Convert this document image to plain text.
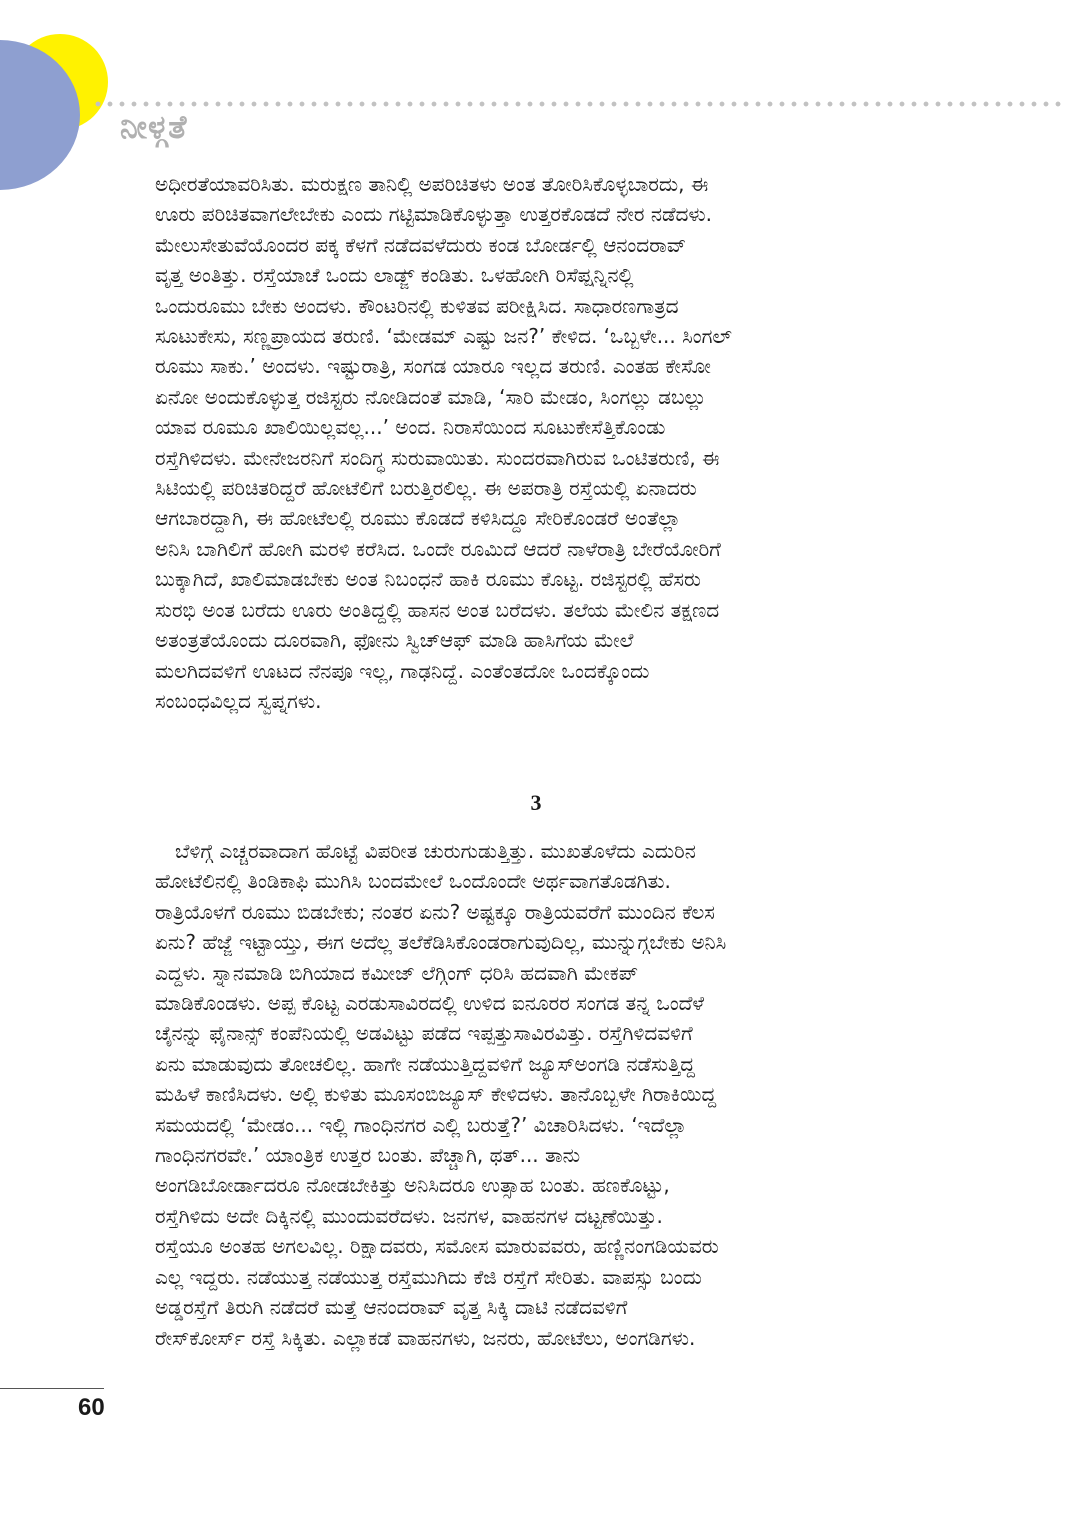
ನೀಳ್ಗತೆ
ಅಧೀರತೆಯಾವರಿಸಿತು. ಮರುಕ್ಷಣ ತಾನಿಲ್ಲಿ ಅಪರಿಚಿತಳು ಅಂತ ತೋರಿಸಿಕೊಳ್ಳಬಾರದು, ಈ
ಊರು ಪರಿಚಿತವಾಗಲೇಬೇಕು ಎಂದು ಗಟ್ಟಿಮಾಡಿಕೊಳ್ಳುತ್ತಾ ಉತ್ತರಕೊಡದೆ ನೇರ ನಡೆದಳು.
ಮೇಲುಸೇತುವೆಯೊಂದರ ಪಕ್ಕ ಕೆಳಗೆ ನಡೆದವಳೆದುರು ಕಂಡ ಬೋರ್ಡಲ್ಲಿ ಆನಂದರಾವ್
ವೃತ್ತ ಅಂತಿತ್ತು. ರಸ್ತೆಯಾಚೆ ಒಂದು ಲಾಡ್ಜ್ ಕಂಡಿತು. ಒಳಹೋಗಿ ರಿಸೆಪ್ಷನ್ನಿನಲ್ಲಿ
ಒಂದುರೂಮು ಬೇಕು ಅಂದಳು. ಕೌಂಟರಿನಲ್ಲಿ ಕುಳಿತವ ಪರೀಕ್ಷಿಸಿದ. ಸಾಧಾರಣಗಾತ್ರದ
ಸೂಟುಕೇಸು, ಸಣ್ಣಪ್ರಾಯದ ತರುಣಿ. ‘ಮೇಡಮ್ ಎಷ್ಟು ಜನ?’ ಕೇಳಿದ. ‘ಒಬ್ಬಳೇ... ಸಿಂಗಲ್
ರೂಮು ಸಾಕು.’ ಅಂದಳು. ಇಷ್ಟುರಾತ್ರಿ, ಸಂಗಡ ಯಾರೂ ಇಲ್ಲದ ತರುಣಿ. ಎಂತಹ ಕೇಸೋ
ಏನೋ ಅಂದುಕೊಳ್ಳುತ್ತ ರಜಿಸ್ಟರು ನೋಡಿದಂತೆ ಮಾಡಿ, ‘ಸಾರಿ ಮೇಡಂ, ಸಿಂಗಲ್ಲು ಡಬಲ್ಲು
ಯಾವ ರೂಮೂ ಖಾಲಿಯಿಲ್ಲವಲ್ಲ...’ ಅಂದ. ನಿರಾಸೆಯಿಂದ ಸೂಟುಕೇಸೆತ್ತಿಕೊಂಡು
ರಸ್ತೆಗಿಳಿದಳು. ಮೇನೇಜರನಿಗೆ ಸಂದಿಗ್ಧ ಸುರುವಾಯಿತು. ಸುಂದರವಾಗಿರುವ ಒಂಟಿತರುಣಿ, ಈ
ಸಿಟಿಯಲ್ಲಿ ಪರಿಚಿತರಿದ್ದರೆ ಹೋಟೆಲಿಗೆ ಬರುತ್ತಿರಲಿಲ್ಲ. ಈ ಅಪರಾತ್ರಿ ರಸ್ತೆಯಲ್ಲಿ ಏನಾದರು
ಆಗಬಾರದ್ದಾಗಿ, ಈ ಹೋಟೆಲಲ್ಲಿ ರೂಮು ಕೊಡದೆ ಕಳಿಸಿದ್ದೂ ಸೇರಿಕೊಂಡರೆ ಅಂತೆಲ್ಲಾ
ಅನಿಸಿ ಬಾಗಿಲಿಗೆ ಹೋಗಿ ಮರಳಿ ಕರೆಸಿದ. ಒಂದೇ ರೂಮಿದೆ ಆದರೆ ನಾಳೆರಾತ್ರಿ ಬೇರೆಯೋರಿಗೆ
ಬುಕ್ಕಾಗಿದೆ, ಖಾಲಿಮಾಡಬೇಕು ಅಂತ ನಿಬಂಧನೆ ಹಾಕಿ ರೂಮು ಕೊಟ್ಟ. ರಜಿಸ್ಟರಲ್ಲಿ ಹೆಸರು
ಸುರಭಿ ಅಂತ ಬರೆದು ಊರು ಅಂತಿದ್ದಲ್ಲಿ ಹಾಸನ ಅಂತ ಬರೆದಳು. ತಲೆಯ ಮೇಲಿನ ತಕ್ಷಣದ
ಅತಂತ್ರತೆಯೊಂದು ದೂರವಾಗಿ, ಫೋನು ಸ್ವಿಚ್‌ಆಫ್ ಮಾಡಿ ಹಾಸಿಗೆಯ ಮೇಲೆ
ಮಲಗಿದವಳಿಗೆ ಊಟದ ನೆನಪೂ ಇಲ್ಲ, ಗಾಢನಿದ್ದೆ. ಎಂತೆಂತದೋ ಒಂದಕ್ಕೊಂದು
ಸಂಬಂಧವಿಲ್ಲದ ಸ್ವಪ್ನಗಳು.
3
ಬೆಳಿಗ್ಗೆ ಎಚ್ಚರವಾದಾಗ ಹೊಟ್ಟೆ ವಿಪರೀತ ಚುರುಗುಡುತ್ತಿತ್ತು. ಮುಖತೊಳೆದು ಎದುರಿನ
ಹೋಟೆಲಿನಲ್ಲಿ ತಿಂಡಿಕಾಫಿ ಮುಗಿಸಿ ಬಂದಮೇಲೆ ಒಂದೊಂದೇ ಅರ್ಥವಾಗತೊಡಗಿತು.
ರಾತ್ರಿಯೊಳಗೆ ರೂಮು ಬಿಡಬೇಕು; ನಂತರ ಏನು? ಅಷ್ಟಕ್ಕೂ ರಾತ್ರಿಯವರೆಗೆ ಮುಂದಿನ ಕೆಲಸ
ಏನು? ಹೆಜ್ಜೆ ಇಟ್ಟಾಯ್ತು, ಈಗ ಅದೆಲ್ಲ ತಲೆಕೆಡಿಸಿಕೊಂಡರಾಗುವುದಿಲ್ಲ, ಮುನ್ನುಗ್ಗಬೇಕು ಅನಿಸಿ
ಎದ್ದಳು. ಸ್ನಾನಮಾಡಿ ಬಿಗಿಯಾದ ಕಮೀಜ್ ಲೆಗ್ಗಿಂಗ್ ಧರಿಸಿ ಹದವಾಗಿ ಮೇಕಪ್
ಮಾಡಿಕೊಂಡಳು. ಅಪ್ಪ ಕೊಟ್ಟ ಎರಡುಸಾವಿರದಲ್ಲಿ ಉಳಿದ ಐನೂರರ ಸಂಗಡ ತನ್ನ ಒಂದೆಳೆ
ಚೈನನ್ನು ಫೈನಾನ್ಸ್ ಕಂಪೆನಿಯಲ್ಲಿ ಅಡವಿಟ್ಟು ಪಡೆದ ಇಪ್ಪತ್ತುಸಾವಿರವಿತ್ತು. ರಸ್ತೆಗಿಳಿದವಳಿಗೆ
ಏನು ಮಾಡುವುದು ತೋಚಲಿಲ್ಲ. ಹಾಗೇ ನಡೆಯುತ್ತಿದ್ದವಳಿಗೆ ಜ್ಯೂಸ್‌ಅಂಗಡಿ ನಡೆಸುತ್ತಿದ್ದ
ಮಹಿಳೆ ಕಾಣಿಸಿದಳು. ಅಲ್ಲಿ ಕುಳಿತು ಮೂಸಂಬಿಜ್ಯೂಸ್ ಕೇಳಿದಳು. ತಾನೊಬ್ಬಳೇ ಗಿರಾಕಿಯಿದ್ದ
ಸಮಯದಲ್ಲಿ ‘ಮೇಡಂ... ಇಲ್ಲಿ ಗಾಂಧಿನಗರ ಎಲ್ಲಿ ಬರುತ್ತೆ?’ ವಿಚಾರಿಸಿದಳು. ‘ಇದೆಲ್ಲಾ
ಗಾಂಧಿನಗರವೇ.’ ಯಾಂತ್ರಿಕ ಉತ್ತರ ಬಂತು. ಪೆಚ್ಚಾಗಿ, ಥತ್... ತಾನು
ಅಂಗಡಿಬೋರ್ಡಾದರೂ ನೋಡಬೇಕಿತ್ತು ಅನಿಸಿದರೂ ಉತ್ಸಾಹ ಬಂತು. ಹಣಕೊಟ್ಟು,
ರಸ್ತೆಗಿಳಿದು ಅದೇ ದಿಕ್ಕಿನಲ್ಲಿ ಮುಂದುವರೆದಳು. ಜನಗಳ, ವಾಹನಗಳ ದಟ್ಟಣೆಯಿತ್ತು.
ರಸ್ತೆಯೂ ಅಂತಹ ಅಗಲವಿಲ್ಲ. ರಿಕ್ಷಾದವರು, ಸಮೋಸ ಮಾರುವವರು, ಹಣ್ಣಿನಂಗಡಿಯವರು
ಎಲ್ಲ ಇದ್ದರು. ನಡೆಯುತ್ತ ನಡೆಯುತ್ತ ರಸ್ತೆಮುಗಿದು ಕೆಜಿ ರಸ್ತೆಗೆ ಸೇರಿತು. ವಾಪಸ್ಸು ಬಂದು
ಅಡ್ಡರಸ್ತೆಗೆ ತಿರುಗಿ ನಡೆದರೆ ಮತ್ತೆ ಆನಂದರಾವ್ ವೃತ್ತ ಸಿಕ್ಕಿ ದಾಟಿ ನಡೆದವಳಿಗೆ
ರೇಸ್‌ಕೋರ್ಸ್ ರಸ್ತೆ ಸಿಕ್ಕಿತು. ಎಲ್ಲಾಕಡೆ ವಾಹನಗಳು, ಜನರು, ಹೋಟೆಲು, ಅಂಗಡಿಗಳು.
60
